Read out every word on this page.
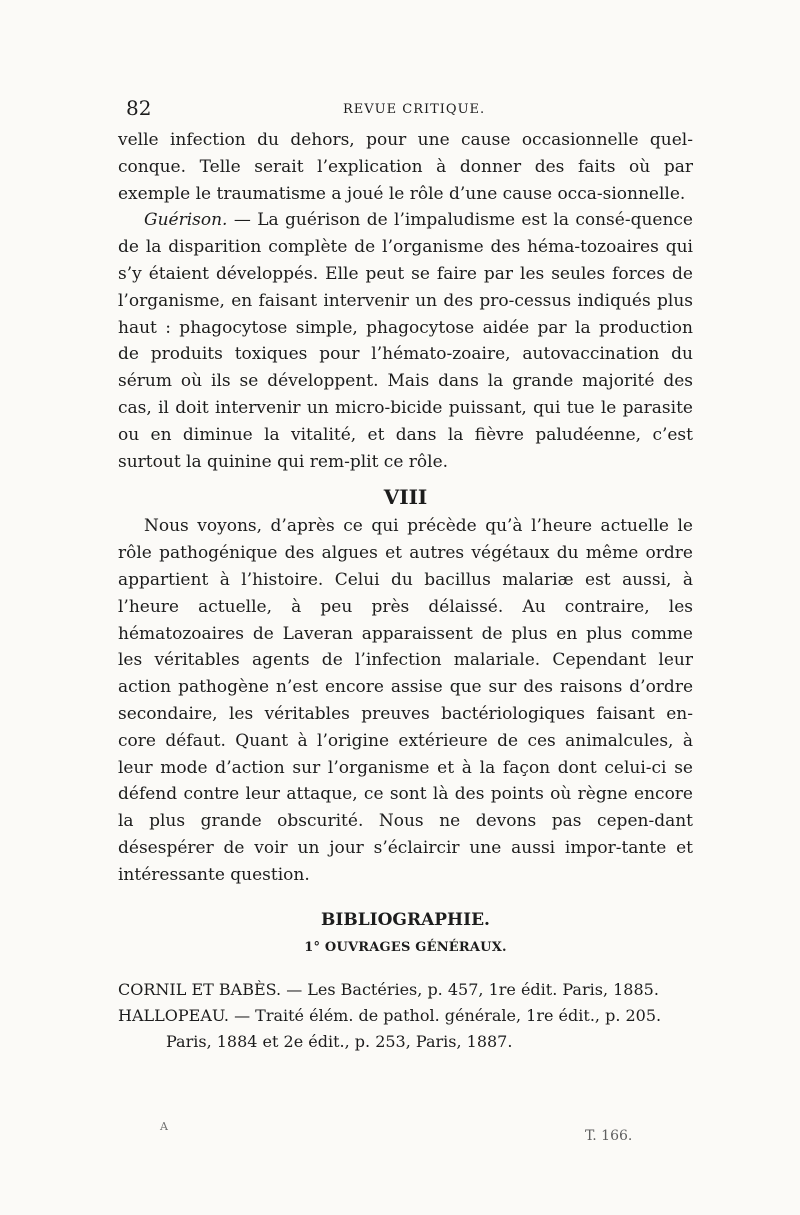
82	REVUE CRITIQUE.

velle infection du dehors, pour une cause occasionnelle quel-conque. Telle serait l’explication à donner des faits où par exemple le traumatisme a joué le rôle d’une cause occa-sionnelle.

Guérison. — La guérison de l’impaludisme est la consé-quence de la disparition complète de l’organisme des héma-tozoaires qui s’y étaient développés. Elle peut se faire par les seules forces de l’organisme, en faisant intervenir un des pro-cessus indiqués plus haut : phagocytose simple, phagocytose aidée par la production de produits toxiques pour l’hémato-zoaire, autovaccination du sérum où ils se développent. Mais dans la grande majorité des cas, il doit intervenir un micro-bicide puissant, qui tue le parasite ou en diminue la vitalité, et dans la fièvre paludéenne, c’est surtout la quinine qui rem-plit ce rôle.

VIII

Nous voyons, d’après ce qui précède qu’à l’heure actuelle le rôle pathogénique des algues et autres végétaux du même ordre appartient à l’histoire. Celui du bacillus malariæ est aussi, à l’heure actuelle, à peu près délaissé. Au contraire, les hématozoaires de Laveran apparaissent de plus en plus comme les véritables agents de l’infection malariale. Cependant leur action pathogène n’est encore assise que sur des raisons d’ordre secondaire, les véritables preuves bactériologiques faisant en-core défaut. Quant à l’origine extérieure de ces animalcules, à leur mode d’action sur l’organisme et à la façon dont celui-ci se défend contre leur attaque, ce sont là des points où règne encore la plus grande obscurité. Nous ne devons pas cepen-dant désespérer de voir un jour s’éclaircir une aussi impor-tante et intéressante question.

BIBLIOGRAPHIE.
1° OUVRAGES GÉNÉRAUX.

CORNIL ET BABÈS. — Les Bactéries, p. 457, 1re édit. Paris, 1885.

HALLOPEAU. — Traité élém. de pathol. générale, 1re édit., p. 205.

Paris, 1884 et 2e édit., p. 253, Paris, 1887.

A
T. 166.
